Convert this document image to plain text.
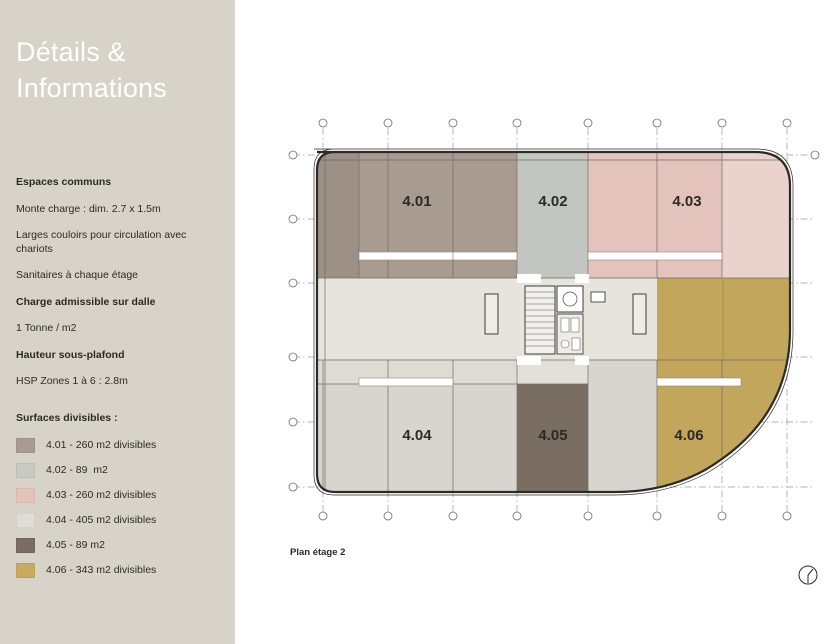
Détails &
Informations
Espaces communs
Monte charge : dim. 2.7 x 1.5m
Larges couloirs pour circulation avec chariots
Sanitaires à chaque étage
Charge admissible sur dalle
1 Tonne / m2
Hauteur sous-plafond
HSP Zones 1 à 6 : 2.8m
Surfaces divisibles :
4.01 - 260 m2 divisibles
4.02 - 89  m2
4.03 - 260 m2 divisibles
4.04 - 405 m2 divisibles
4.05 - 89 m2
4.06 - 343 m2 divisibles
4.01	4.02	4.03
4.04	4.05	4.06
Plan étage 2
